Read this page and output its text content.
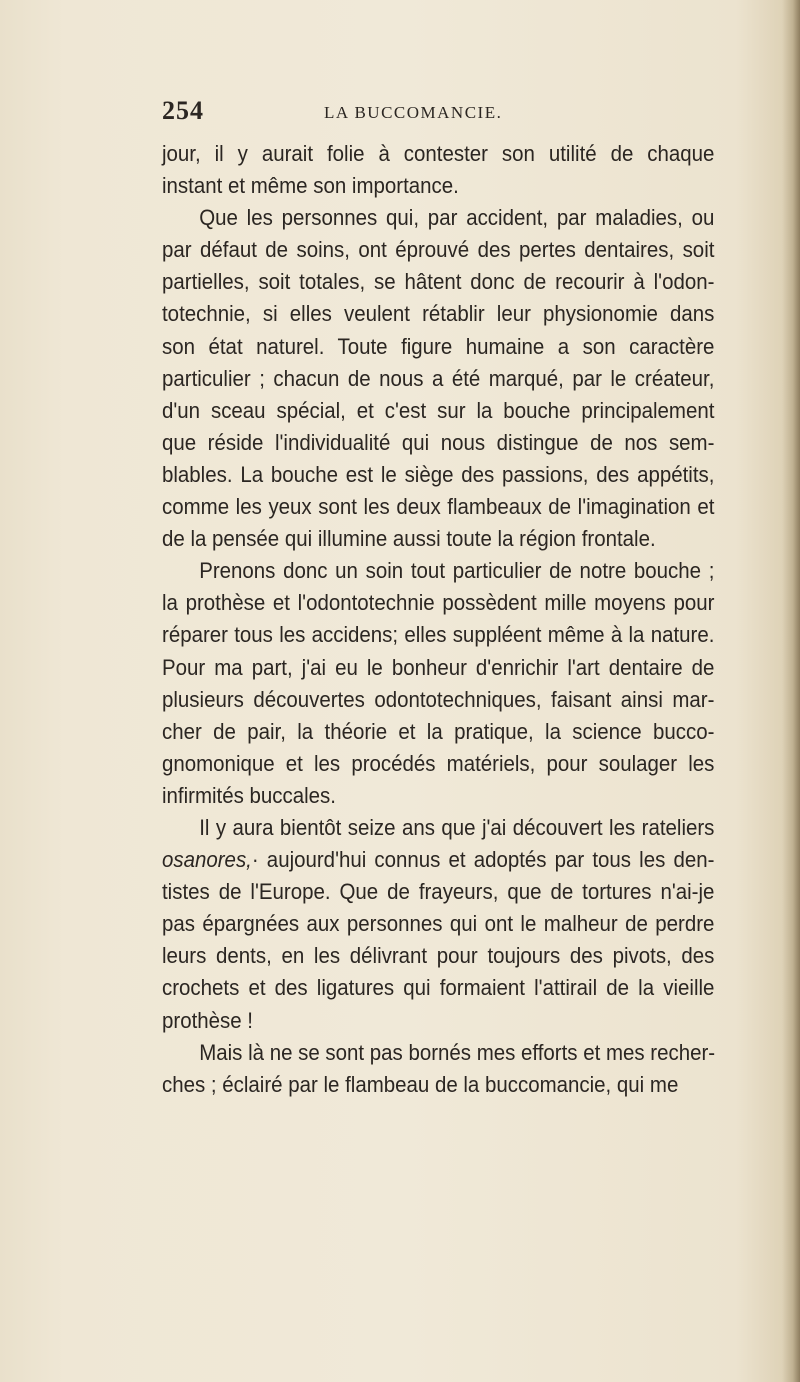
254	LA BUCCOMANCIE.
jour, il y aurait folie à contester son utilité de chaque
instant et même son importance.
Que les personnes qui, par accident, par maladies, ou
par défaut de soins, ont éprouvé des pertes dentaires, soit
partielles, soit totales, se hâtent donc de recourir à l'odon-
totechnie, si elles veulent rétablir leur physionomie dans
son état naturel. Toute figure humaine a son caractère
particulier ; chacun de nous a été marqué, par le créateur,
d'un sceau spécial, et c'est sur la bouche principalement
que réside l'individualité qui nous distingue de nos sem-
blables. La bouche est le siège des passions, des appétits,
comme les yeux sont les deux flambeaux de l'imagination et
de la pensée qui illumine aussi toute la région frontale.
Prenons donc un soin tout particulier de notre bouche ;
la prothèse et l'odontotechnie possèdent mille moyens pour
réparer tous les accidens; elles suppléent même à la nature.
Pour ma part, j'ai eu le bonheur d'enrichir l'art dentaire de
plusieurs découvertes odontotechniques, faisant ainsi mar-
cher de pair, la théorie et la pratique, la science bucco-
gnomonique et les procédés matériels, pour soulager les
infirmités buccales.
Il y aura bientôt seize ans que j'ai découvert les rateliers
osanores,· aujourd'hui connus et adoptés par tous les den-
tistes de l'Europe. Que de frayeurs, que de tortures n'ai-je
pas épargnées aux personnes qui ont le malheur de perdre
leurs dents, en les délivrant pour toujours des pivots, des
crochets et des ligatures qui formaient l'attirail de la vieille
prothèse !
Mais là ne se sont pas bornés mes efforts et mes recher-
ches ; éclairé par le flambeau de la buccomancie, qui me
